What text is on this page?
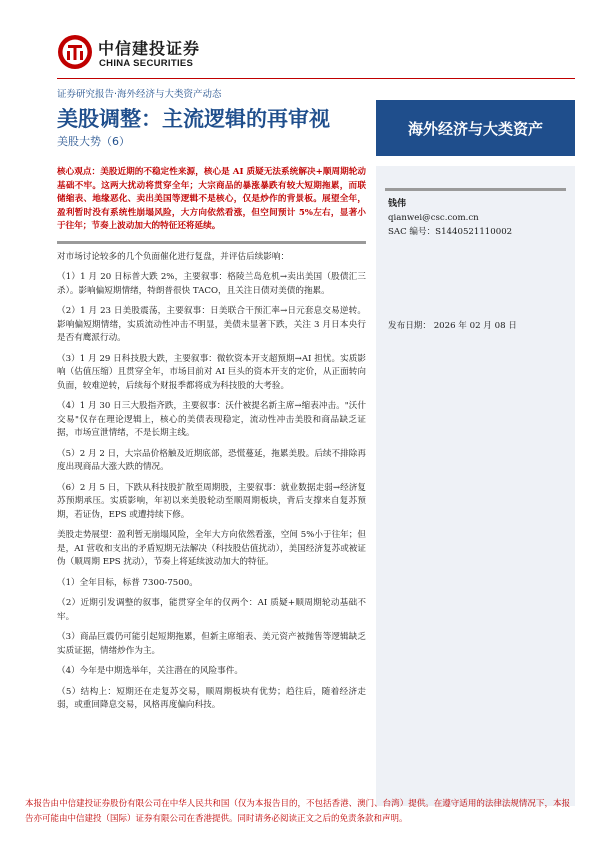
中信建投证券
CHINA SECURITIES
证券研究报告·海外经济与大类资产动态
美股调整：主流逻辑的再审视
美股大势（6）
海外经济与大类资产
核心观点：美股近期的不稳定性来源，核心是 AI 质疑无法系统解决+顺周期轮动基础不牢。这两大扰动将贯穿全年；大宗商品的暴涨暴跌有较大短期拖累，而联储缩表、地缘恶化、卖出美国等逻辑不是核心，仅是炒作的背景板。展望全年，盈利暂时没有系统性崩塌风险，大方向依然看涨，但空间预计 5%左右，显著小于往年；节奏上波动加大的特征还将延续。

对市场讨论较多的几个负面催化进行复盘，并评估后续影响：

（1）1 月 20 日标普大跌 2%，主要叙事：格陵兰岛危机→卖出美国（股债汇三杀）。影响偏短期情绪，特朗普很快 TACO，且关注日债对美债的拖累。

（2）1 月 23 日美股震荡，主要叙事：日美联合干预汇率→日元套息交易逆转。影响偏短期情绪，实质流动性冲击不明显，美债未显著下跌，关注 3 月日本央行是否有鹰派行动。

（3）1 月 29 日科技股大跌，主要叙事：微软资本开支超预期→AI 担忧。实质影响（估值压缩）且贯穿全年，市场目前对 AI 巨头的资本开支的定价，从正面转向负面，较难逆转，后续每个财报季都将成为科技股的大考验。

（4）1 月 30 日三大股指齐跌，主要叙事：沃什被提名新主席→缩表冲击。"沃什交易"仅存在理论逻辑上，核心的美债表现稳定，流动性冲击美股和商品缺乏证据，市场宣泄情绪，不是长期主线。

（5）2 月 2 日，大宗品价格触及近期底部，恐慌蔓延，拖累美股。后续不排除再度出现商品大涨大跌的情况。

（6）2 月 5 日，下跌从科技股扩散至周期股，主要叙事：就业数据走弱→经济复苏预期承压。实质影响，年初以来美股轮动至顺周期板块，背后支撑来自复苏预期，若证伪，EPS 或遭持续下修。

美股走势展望：盈利暂无崩塌风险，全年大方向依然看涨，空间 5%小于往年；但是，AI 营收和支出的矛盾短期无法解决（科技股估值扰动），美国经济复苏或被证伪（顺周期 EPS 扰动），节奏上将延续波动加大的特征。

（1）全年目标，标普 7300-7500。

（2）近期引发调整的叙事，能贯穿全年的仅两个：AI 质疑+顺周期轮动基础不牢。

（3）商品巨震仍可能引起短期拖累，但新主席缩表、美元资产被抛售等逻辑缺乏实质证据，情绪炒作为主。

（4）今年是中期选举年，关注潜在的风险事件。

（5）结构上：短期还在走复苏交易，顺周期板块有优势；趋往后，随着经济走弱，或重回降息交易，风格再度偏向科技。

钱伟
qianwei@csc.com.cn
SAC 编号：S1440521110002
发布日期： 2026 年 02 月 08 日
本报告由中信建投证券股份有限公司在中华人民共和国（仅为本报告目的，不包括香港、澳门、台湾）提供。在遵守适用的法律法规情况下，本报告亦可能由中信建投（国际）证券有限公司在香港提供。同时请务必阅读正文之后的免责条款和声明。
